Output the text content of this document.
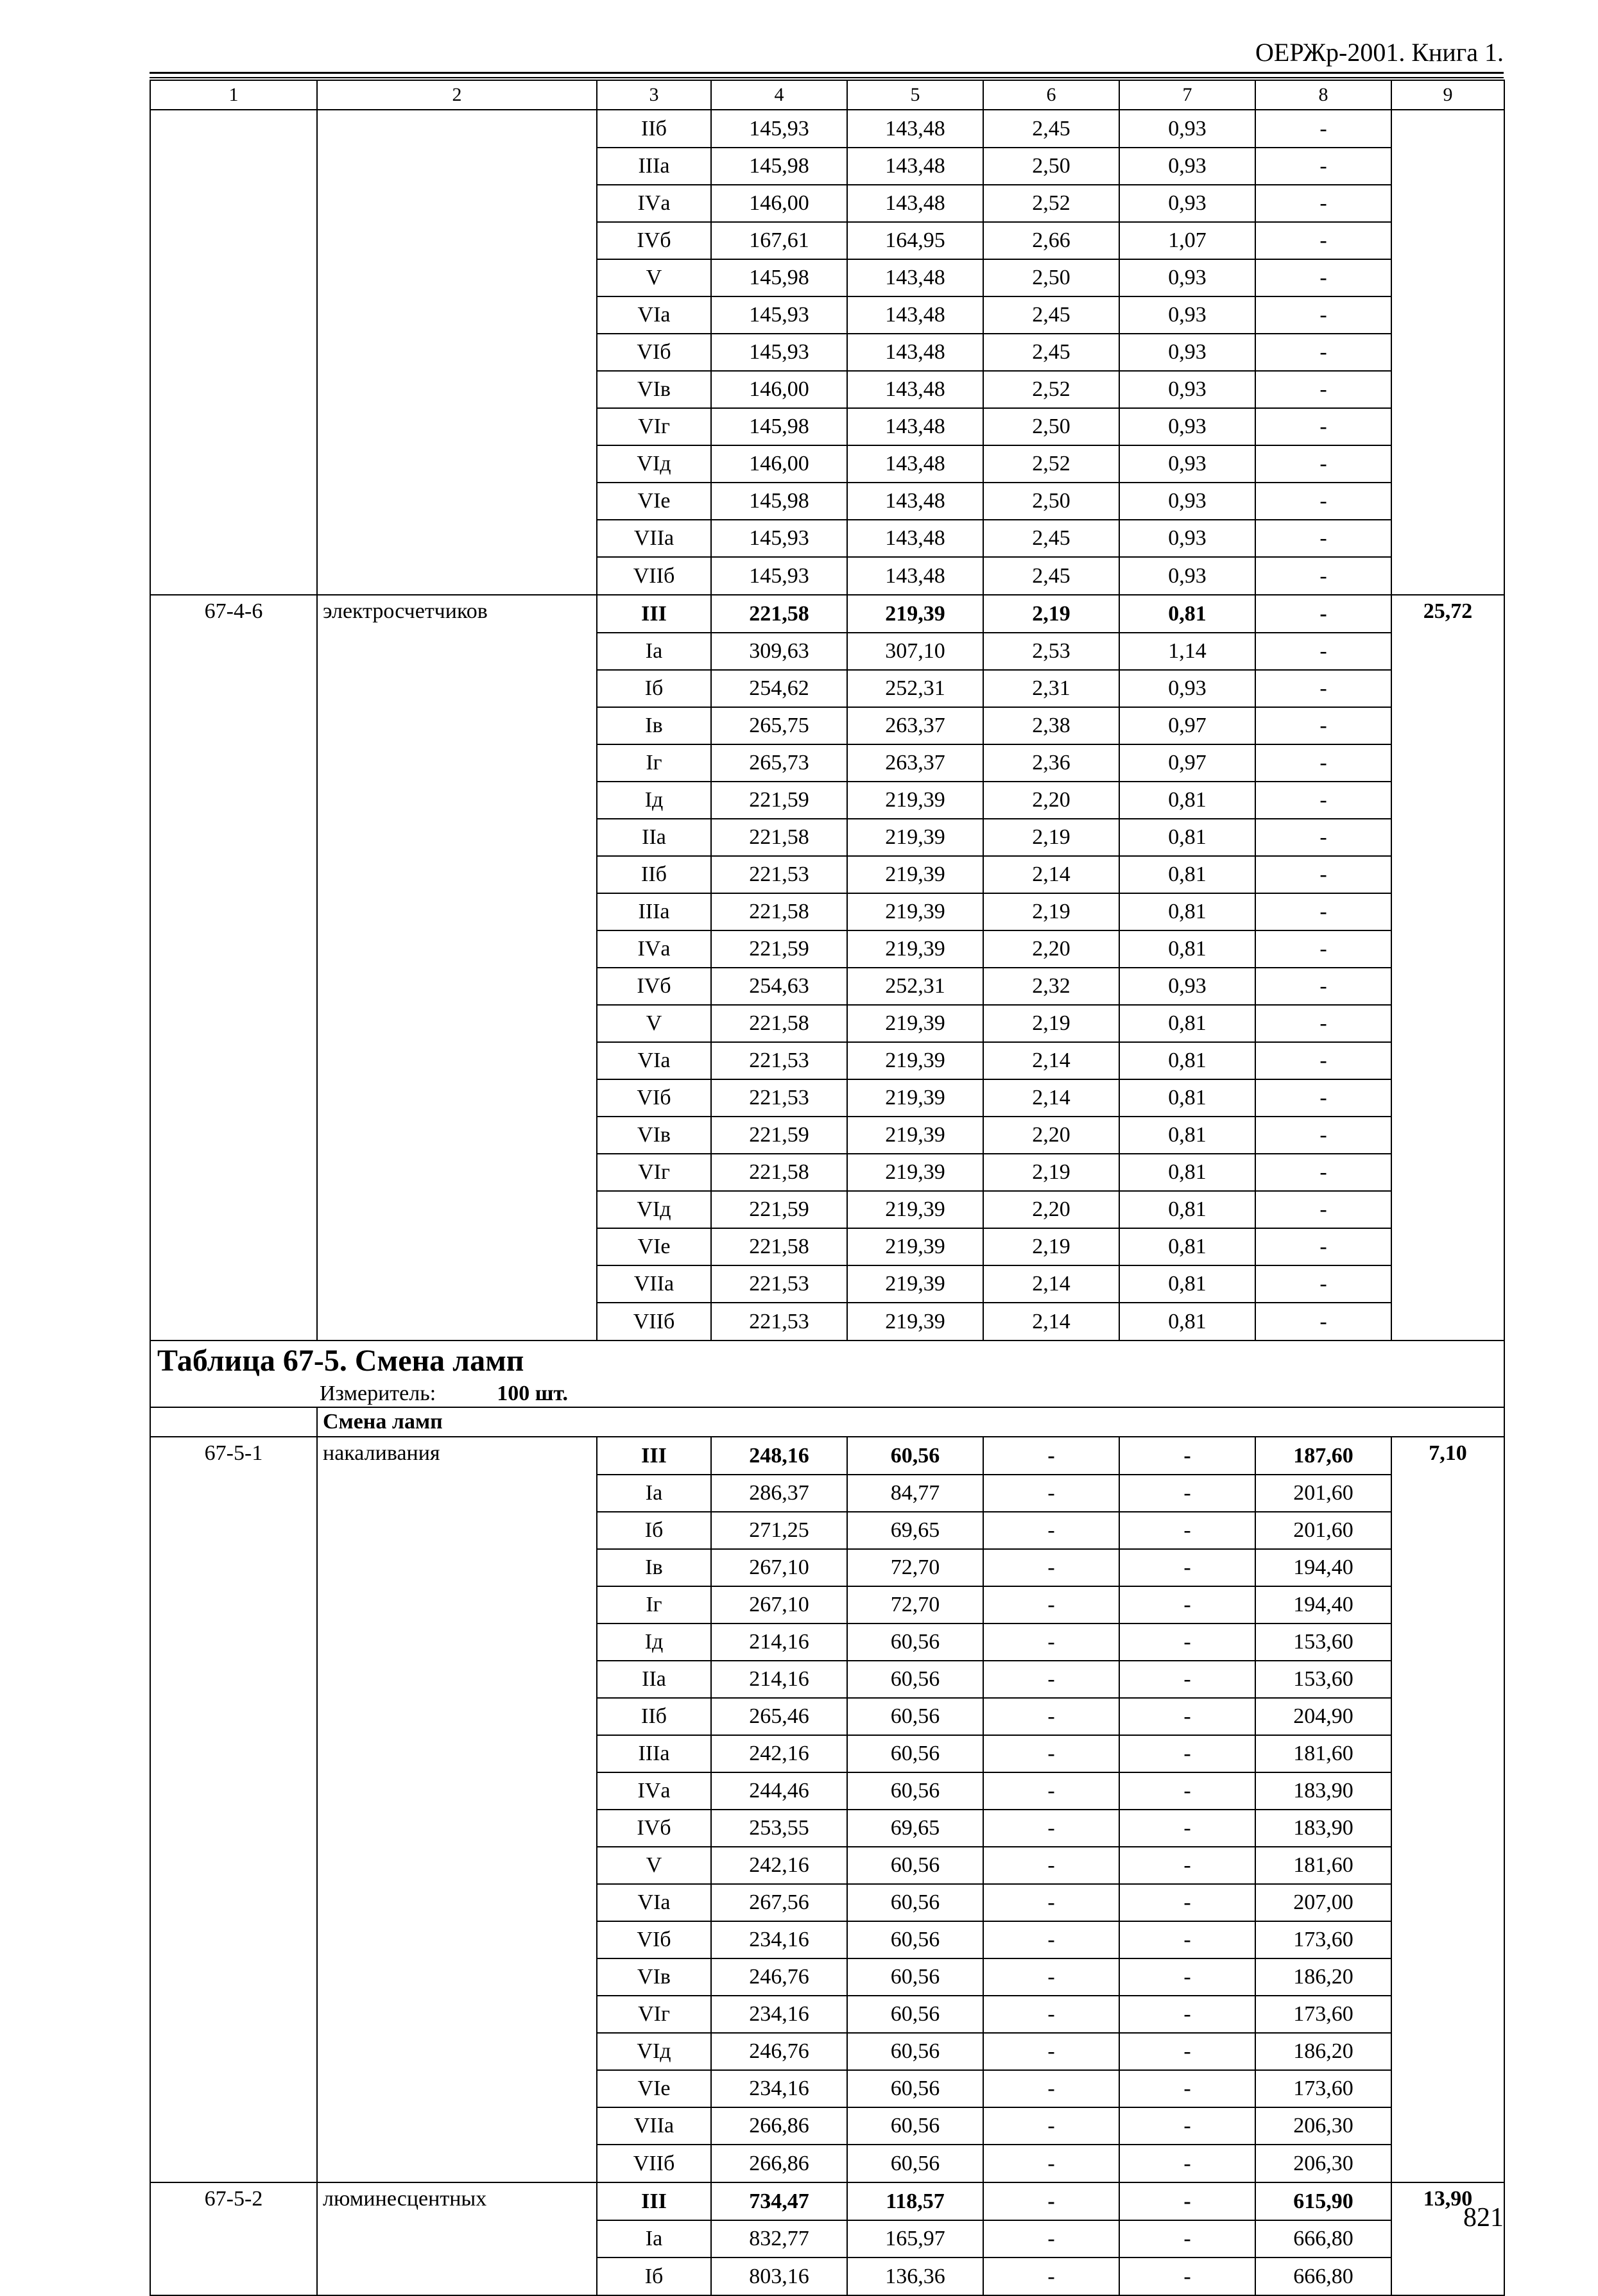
ОЕРЖр-2001. Книга 1.
1	2	3	4	5	6	7	8	9
		IIб	145,93	143,48	2,45	0,93	-	
		IIIа	145,98	143,48	2,50	0,93	-	
		IVа	146,00	143,48	2,52	0,93	-	
		IVб	167,61	164,95	2,66	1,07	-	
		V	145,98	143,48	2,50	0,93	-	
		VIа	145,93	143,48	2,45	0,93	-	
		VIб	145,93	143,48	2,45	0,93	-	
		VIв	146,00	143,48	2,52	0,93	-	
		VIг	145,98	143,48	2,50	0,93	-	
		VIд	146,00	143,48	2,52	0,93	-	
		VIе	145,98	143,48	2,50	0,93	-	
		VIIа	145,93	143,48	2,45	0,93	-	
		VIIб	145,93	143,48	2,45	0,93	-	
67-4-6	электросчетчиков	III	221,58	219,39	2,19	0,81	-	25,72
		Iа	309,63	307,10	2,53	1,14	-	
		Iб	254,62	252,31	2,31	0,93	-	
		Iв	265,75	263,37	2,38	0,97	-	
		Iг	265,73	263,37	2,36	0,97	-	
		Iд	221,59	219,39	2,20	0,81	-	
		IIа	221,58	219,39	2,19	0,81	-	
		IIб	221,53	219,39	2,14	0,81	-	
		IIIа	221,58	219,39	2,19	0,81	-	
		IVа	221,59	219,39	2,20	0,81	-	
		IVб	254,63	252,31	2,32	0,93	-	
		V	221,58	219,39	2,19	0,81	-	
		VIа	221,53	219,39	2,14	0,81	-	
		VIб	221,53	219,39	2,14	0,81	-	
		VIв	221,59	219,39	2,20	0,81	-	
		VIг	221,58	219,39	2,19	0,81	-	
		VIд	221,59	219,39	2,20	0,81	-	
		VIе	221,58	219,39	2,19	0,81	-	
		VIIа	221,53	219,39	2,14	0,81	-	
		VIIб	221,53	219,39	2,14	0,81	-	
Таблица 67-5. Смена ламп								

Измеритель: 100 шт.								

	Смена ламп							
67-5-1	накаливания	III	248,16	60,56	-	-	187,60	7,10
		Iа	286,37	84,77	-	-	201,60	
		Iб	271,25	69,65	-	-	201,60	
		Iв	267,10	72,70	-	-	194,40	
		Iг	267,10	72,70	-	-	194,40	
		Iд	214,16	60,56	-	-	153,60	
		IIа	214,16	60,56	-	-	153,60	
		IIб	265,46	60,56	-	-	204,90	
		IIIа	242,16	60,56	-	-	181,60	
		IVа	244,46	60,56	-	-	183,90	
		IVб	253,55	69,65	-	-	183,90	
		V	242,16	60,56	-	-	181,60	
		VIа	267,56	60,56	-	-	207,00	
		VIб	234,16	60,56	-	-	173,60	
		VIв	246,76	60,56	-	-	186,20	
		VIг	234,16	60,56	-	-	173,60	
		VIд	246,76	60,56	-	-	186,20	
		VIе	234,16	60,56	-	-	173,60	
		VIIа	266,86	60,56	-	-	206,30	
		VIIб	266,86	60,56	-	-	206,30	
67-5-2	люминесцентных	III	734,47	118,57	-	-	615,90	13,90
		Iа	832,77	165,97	-	-	666,80	
		Iб	803,16	136,36	-	-	666,80	
821
